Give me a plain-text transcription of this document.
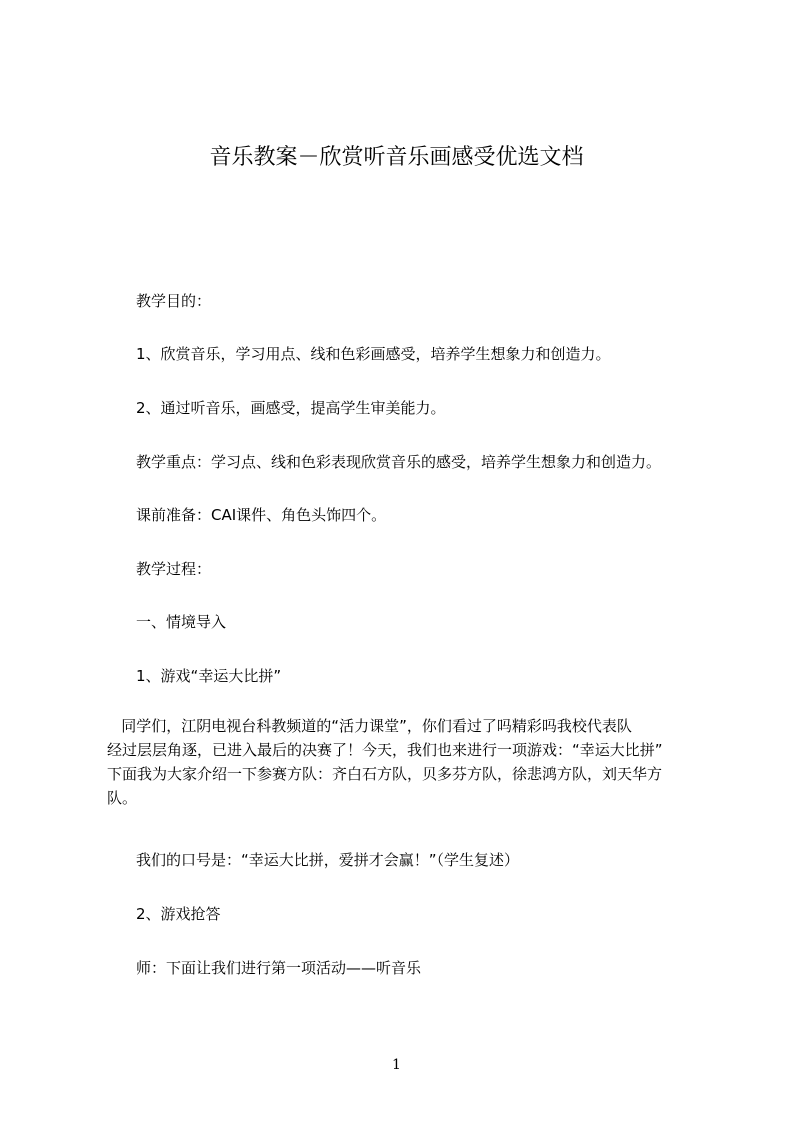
音乐教案－欣赏听音乐画感受优选文档
教学目的：
1、欣赏音乐，学习用点、线和色彩画感受，培养学生想象力和创造力。
2、通过听音乐，画感受，提高学生审美能力。
教学重点：学习点、线和色彩表现欣赏音乐的感受，培养学生想象力和创造力。
课前准备：CAI课件、角色头饰四个。
教学过程：
一、情境导入
1、游戏“幸运大比拼”
同学们，江阴电视台科教频道的“活力课堂”，你们看过了吗精彩吗我校代表队
经过层层角逐，已进入最后的决赛了！今天，我们也来进行一项游戏：“幸运大比拼”
下面我为大家介绍一下参赛方队：齐白石方队，贝多芬方队，徐悲鸿方队，刘天华方
队。
我们的口号是：“幸运大比拼，爱拼才会赢！”（学生复述）
2、游戏抢答
师：下面让我们进行第一项活动——听音乐
1
